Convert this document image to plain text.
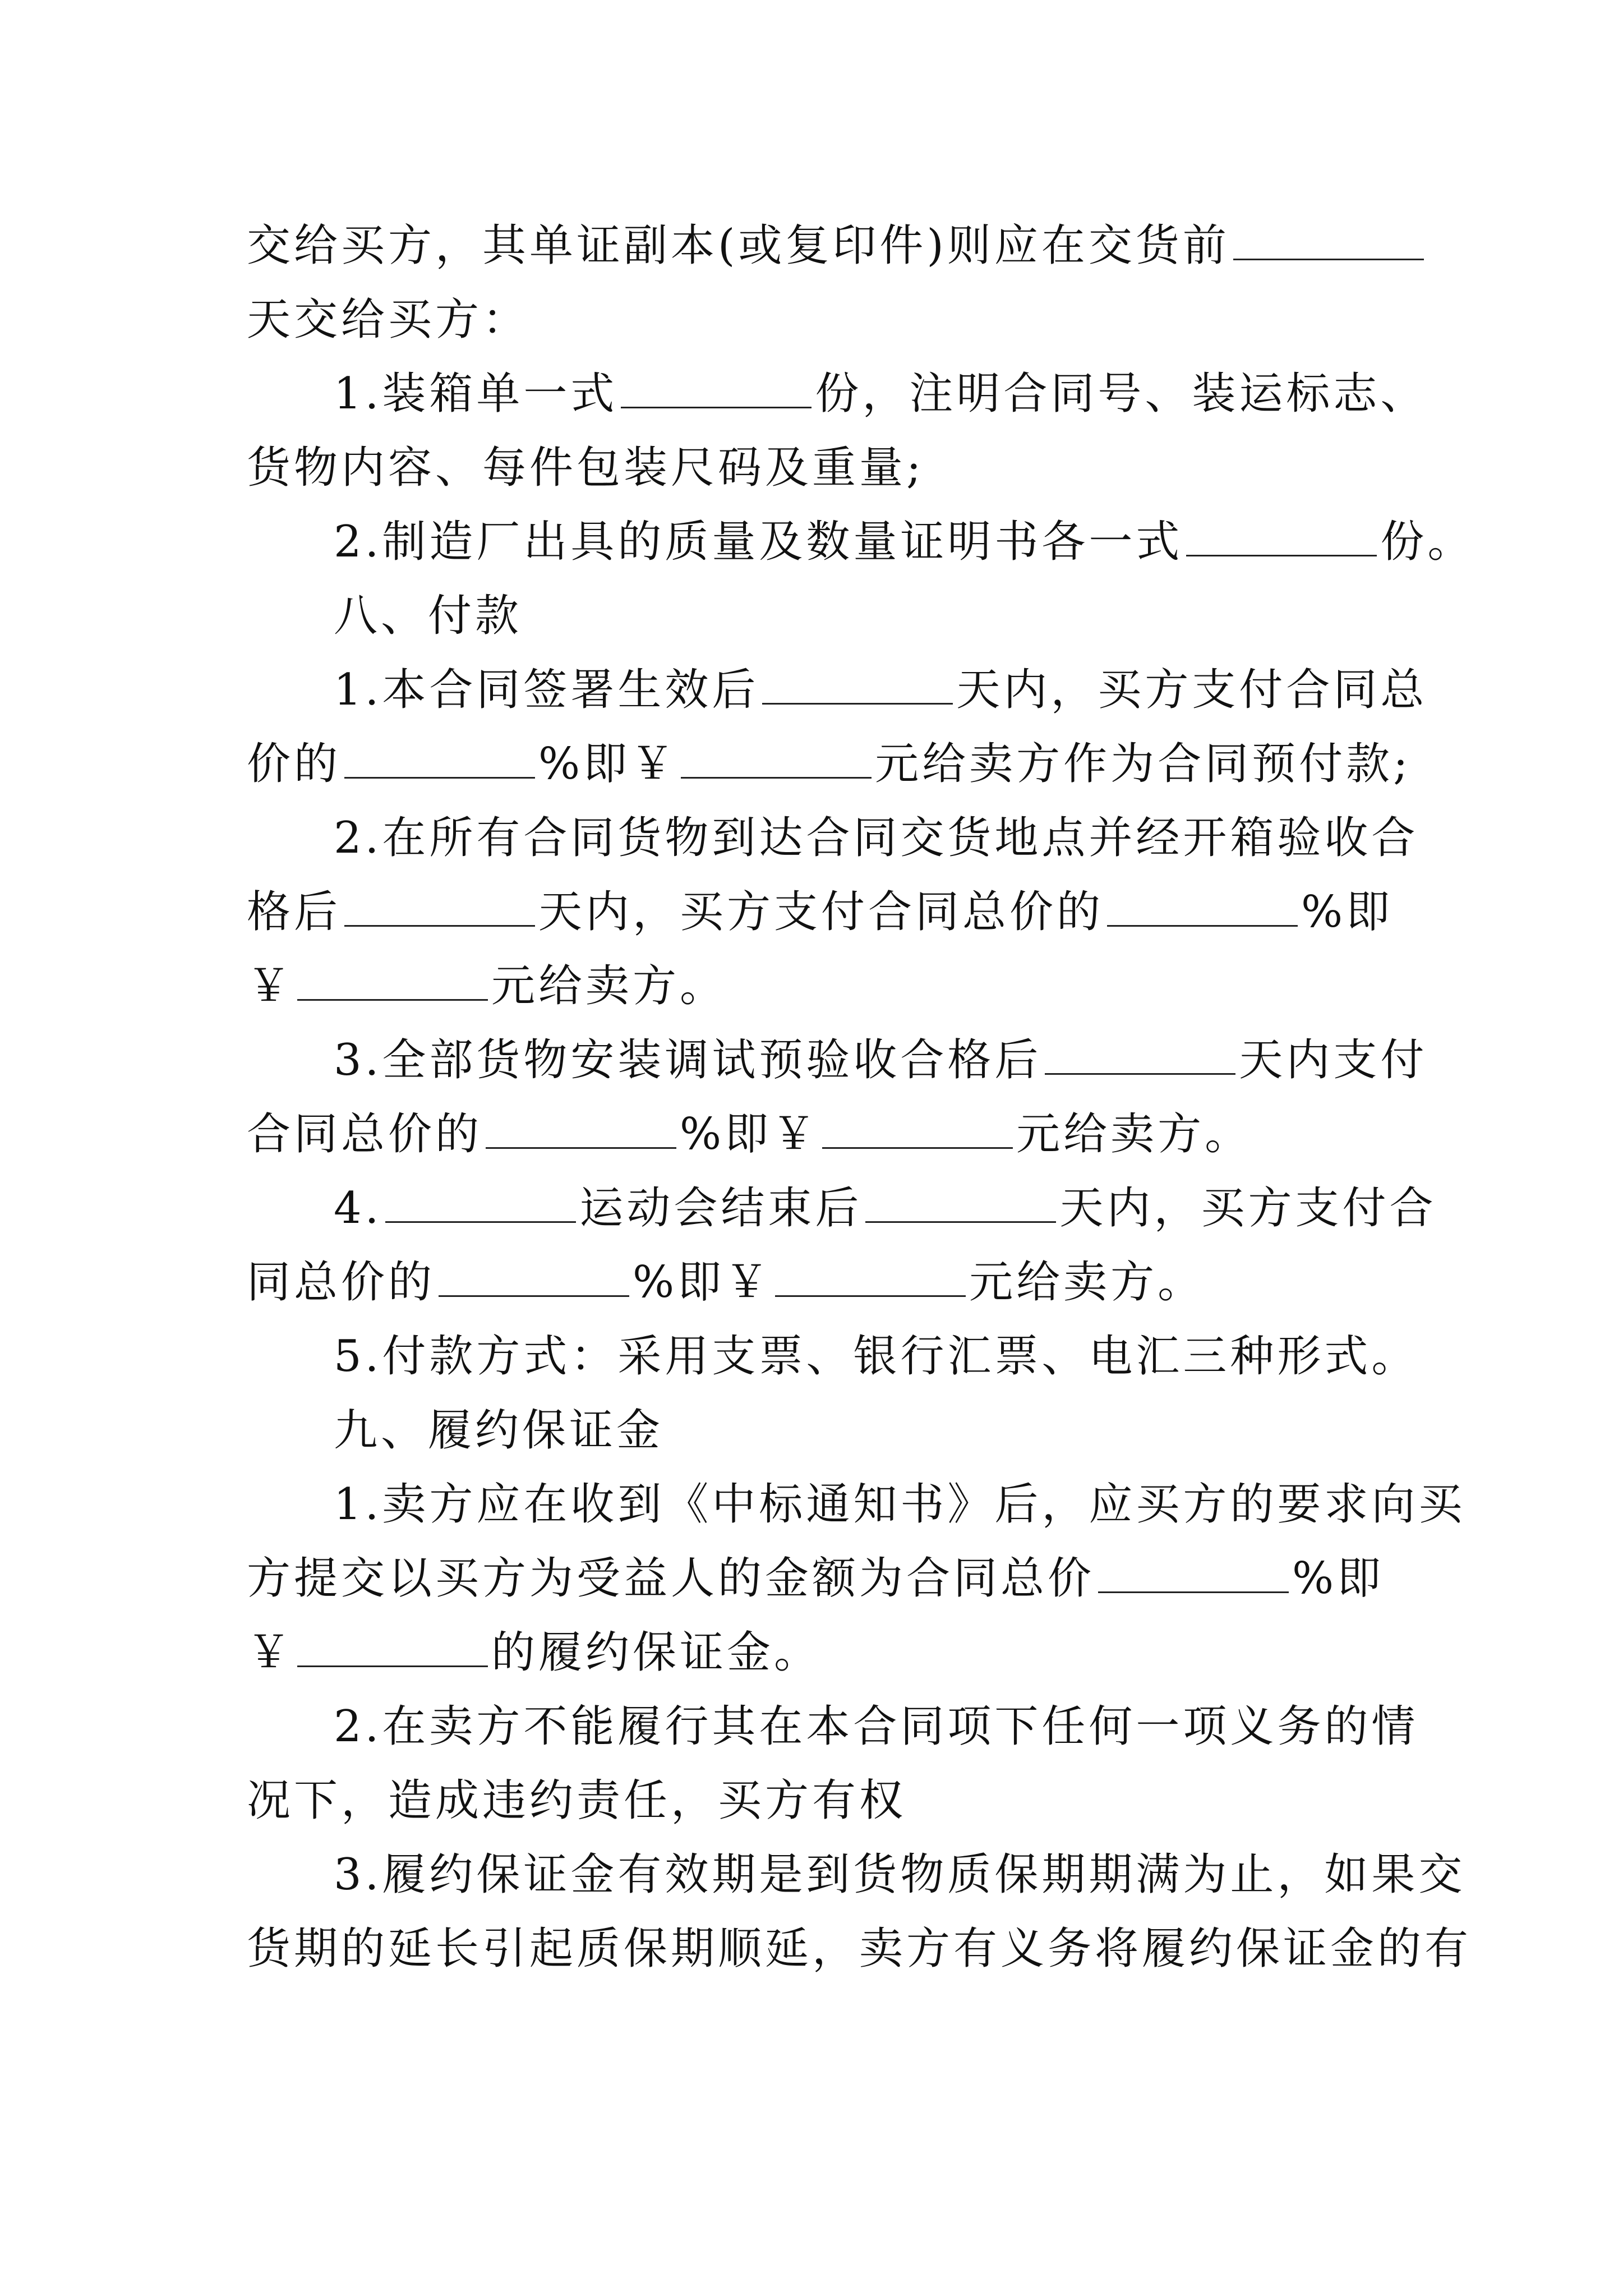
交给买方，其单证副本(或复印件)则应在交货前
天交给买方：
1.装箱单一式	份，注明合同号、装运标志、
货物内容、每件包装尺码及重量;
2.制造厂出具的质量及数量证明书各一式	份。
八、付款
1.本合同签署生效后	天内，买方支付合同总
价的	%即￥	元给卖方作为合同预付款;
2.在所有合同货物到达合同交货地点并经开箱验收合
格后	天内，买方支付合同总价的	%即
￥	元给卖方。
3.全部货物安装调试预验收合格后	天内支付
合同总价的	%即￥	元给卖方。
4.	运动会结束后	天内，买方支付合
同总价的	%即￥	元给卖方。
5.付款方式：采用支票、银行汇票、电汇三种形式。
九、履约保证金
1.卖方应在收到《中标通知书》后，应买方的要求向买
方提交以买方为受益人的金额为合同总价	%即
￥	的履约保证金。
2.在卖方不能履行其在本合同项下任何一项义务的情
况下，造成违约责任，买方有权
3.履约保证金有效期是到货物质保期期满为止，如果交
货期的延长引起质保期顺延，卖方有义务将履约保证金的有
